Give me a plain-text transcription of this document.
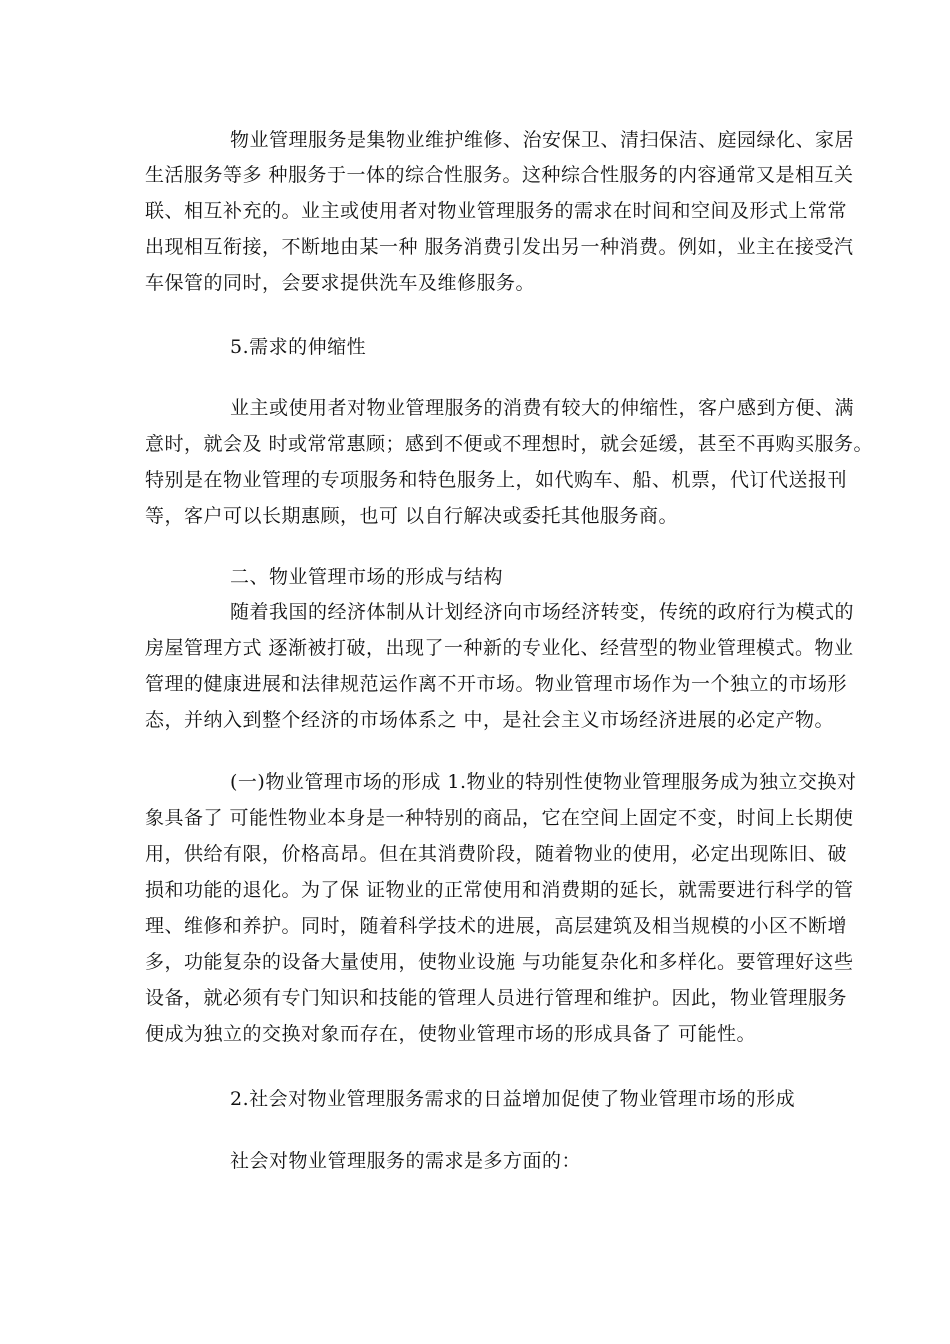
物业管理服务是集物业维护维修、治安保卫、清扫保洁、庭园绿化、家居
生活服务等多 种服务于一体的综合性服务。这种综合性服务的内容通常又是相互关
联、相互补充的。业主或使用者对物业管理服务的需求在时间和空间及形式上常常
出现相互衔接，不断地由某一种 服务消费引发出另一种消费。例如，业主在接受汽
车保管的同时，会要求提供洗车及维修服务。
5.需求的伸缩性
业主或使用者对物业管理服务的消费有较大的伸缩性，客户感到方便、满
意时，就会及 时或常常惠顾；感到不便或不理想时，就会延缓，甚至不再购买服务。
特别是在物业管理的专项服务和特色服务上，如代购车、船、机票，代订代送报刊
等，客户可以长期惠顾，也可 以自行解决或委托其他服务商。
二、物业管理市场的形成与结构
随着我国的经济体制从计划经济向市场经济转变，传统的政府行为模式的
房屋管理方式 逐渐被打破，出现了一种新的专业化、经营型的物业管理模式。物业
管理的健康进展和法律规范运作离不开市场。物业管理市场作为一个独立的市场形
态，并纳入到整个经济的市场体系之 中，是社会主义市场经济进展的必定产物。
(一)物业管理市场的形成 1.物业的特别性使物业管理服务成为独立交换对
象具备了 可能性物业本身是一种特别的商品，它在空间上固定不变，时间上长期使
用，供给有限，价格高昂。但在其消费阶段，随着物业的使用，必定出现陈旧、破
损和功能的退化。为了保 证物业的正常使用和消费期的延长，就需要进行科学的管
理、维修和养护。同时，随着科学技术的进展，高层建筑及相当规模的小区不断增
多，功能复杂的设备大量使用，使物业设施 与功能复杂化和多样化。要管理好这些
设备，就必须有专门知识和技能的管理人员进行管理和维护。因此，物业管理服务
便成为独立的交换对象而存在，使物业管理市场的形成具备了 可能性。
2.社会对物业管理服务需求的日益增加促使了物业管理市场的形成
社会对物业管理服务的需求是多方面的：
